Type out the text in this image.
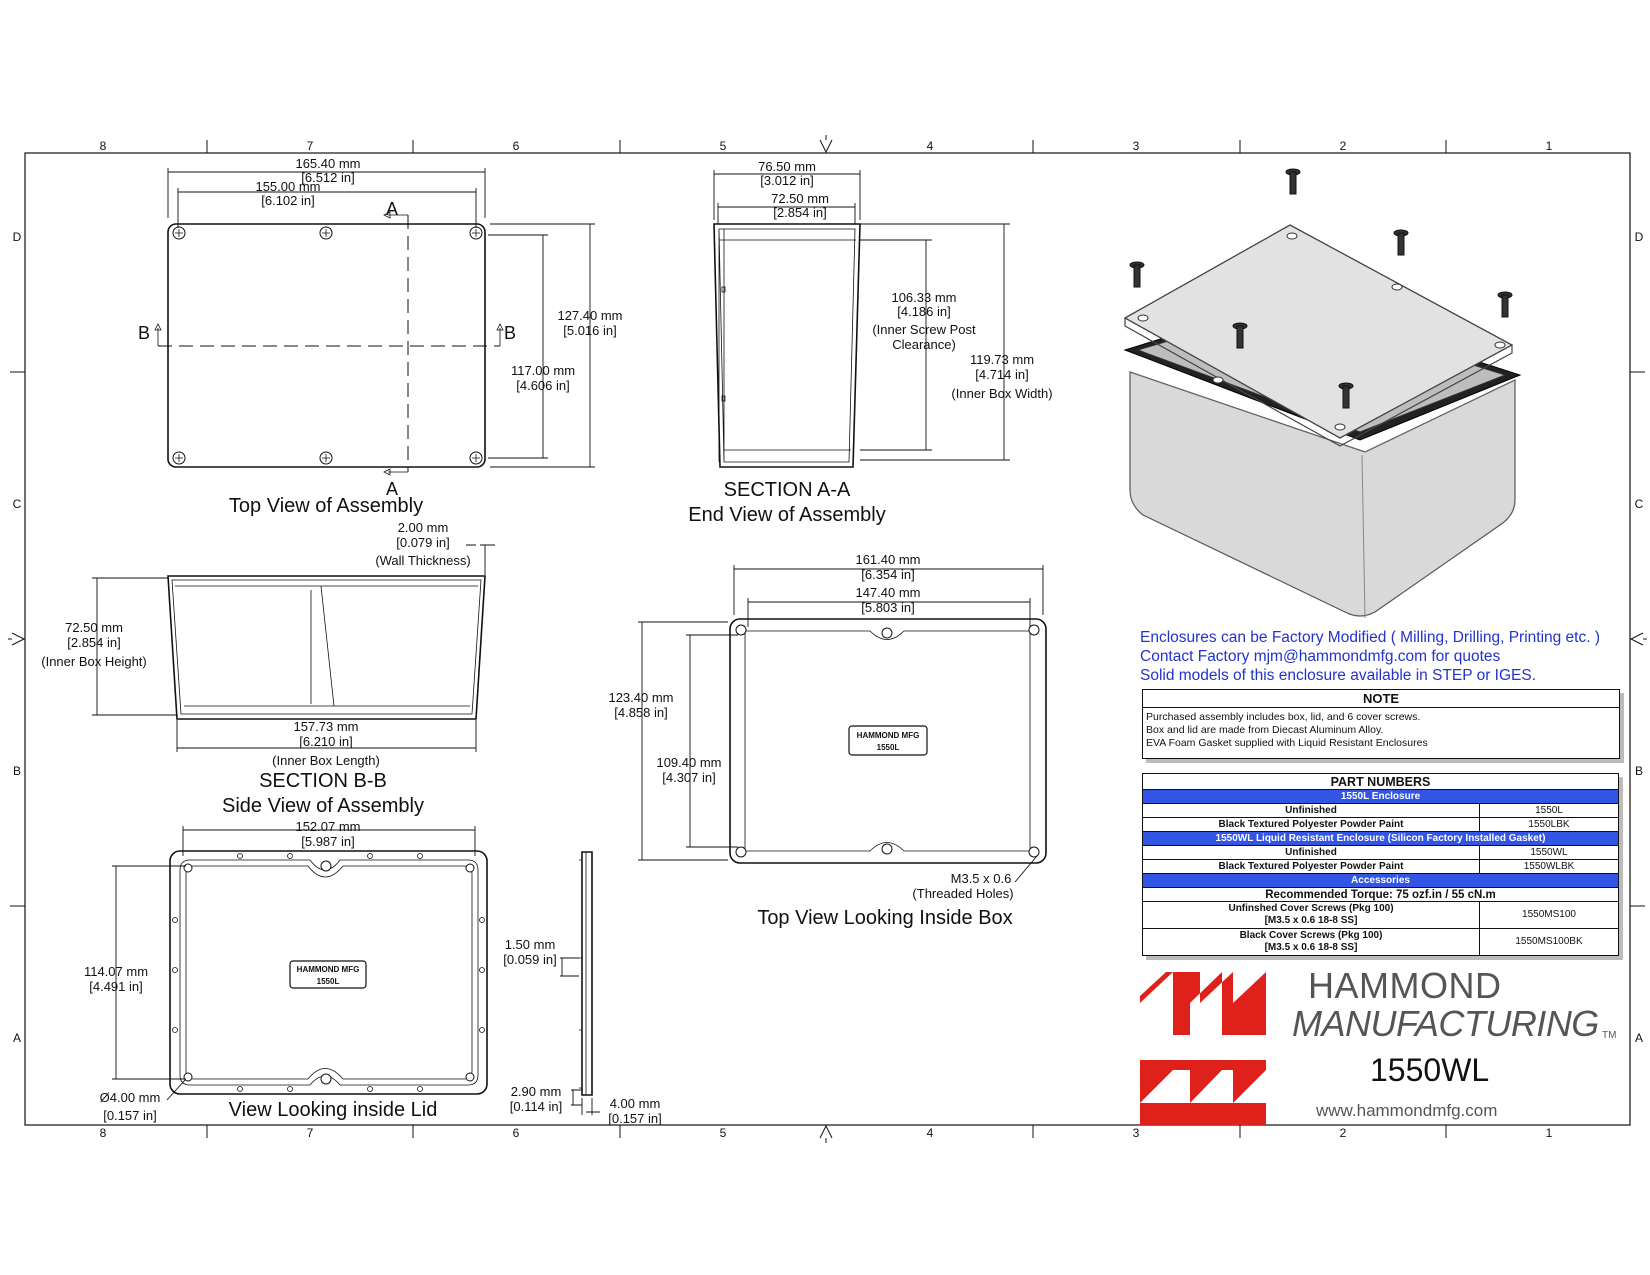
8	7	6	5	4	3	2	1
8	7	6	5	4	3	2	1
D
C
B
A
D
C
B
A
A
A
B	B
165.40 mm
[6.512 in]
155.00 mm
[6.102 in]
127.40 mm
[5.016 in]
117.00 mm
[4.606 in]
Top View of Assembly
76.50 mm
[3.012 in]
72.50 mm
[2.854 in]
106.33 mm
[4.186 in]
(Inner Screw Post
Clearance)
119.73 mm
[4.714 in]
(Inner Box Width)
SECTION A-A
End View of Assembly
2.00 mm
[0.079 in]
(Wall Thickness)
72.50 mm
[2.854 in]
(Inner Box Height)
157.73 mm
[6.210 in]
(Inner Box Length)
SECTION B-B
Side View of Assembly
HAMMOND MFG
1550L
152.07 mm
[5.987 in]
114.07 mm
[4.491 in]
Ø4.00 mm
[0.157 in]	View Looking inside Lid
1.50 mm
[0.059 in]
2.90 mm
[0.114 in]	4.00 mm
[0.157 in]
HAMMOND MFG
1550L
161.40 mm
[6.354 in]
147.40 mm
[5.803 in]
123.40 mm
[4.858 in]
109.40 mm
[4.307 in]
M3.5 x 0.6
(Threaded Holes)
Top View Looking Inside Box
Enclosures can be Factory Modified ( Milling, Drilling, Printing etc. )
Contact Factory mjm@hammondmfg.com for quotes
Solid models of this enclosure available in STEP or IGES.
NOTE
Purchased assembly includes box, lid, and 6 cover screws.
Box and lid are made from Diecast Aluminum Alloy.
EVA Foam Gasket supplied with Liquid Resistant Enclosures
PART NUMBERS	
1550L Enclosure	
Unfinished	1550L
Black Textured Polyester Powder Paint	1550LBK
1550WL Liquid Resistant Enclosure (Silicon Factory Installed Gasket)	
Unfinished	1550WL
Black Textured Polyester Powder Paint	1550WLBK
Accessories	
Recommended Torque: 75 ozf.in / 55 cN.m	

Unfinshed Cover Screws (Pkg 100)
[M3.5 x 0.6 18-8 SS]	1550MS100

Black Cover Screws (Pkg 100)
[M3.5 x 0.6 18-8 SS]	1550MS100BK
HAMMOND
MANUFACTURING TM
1550WL
www.hammondmfg.com
